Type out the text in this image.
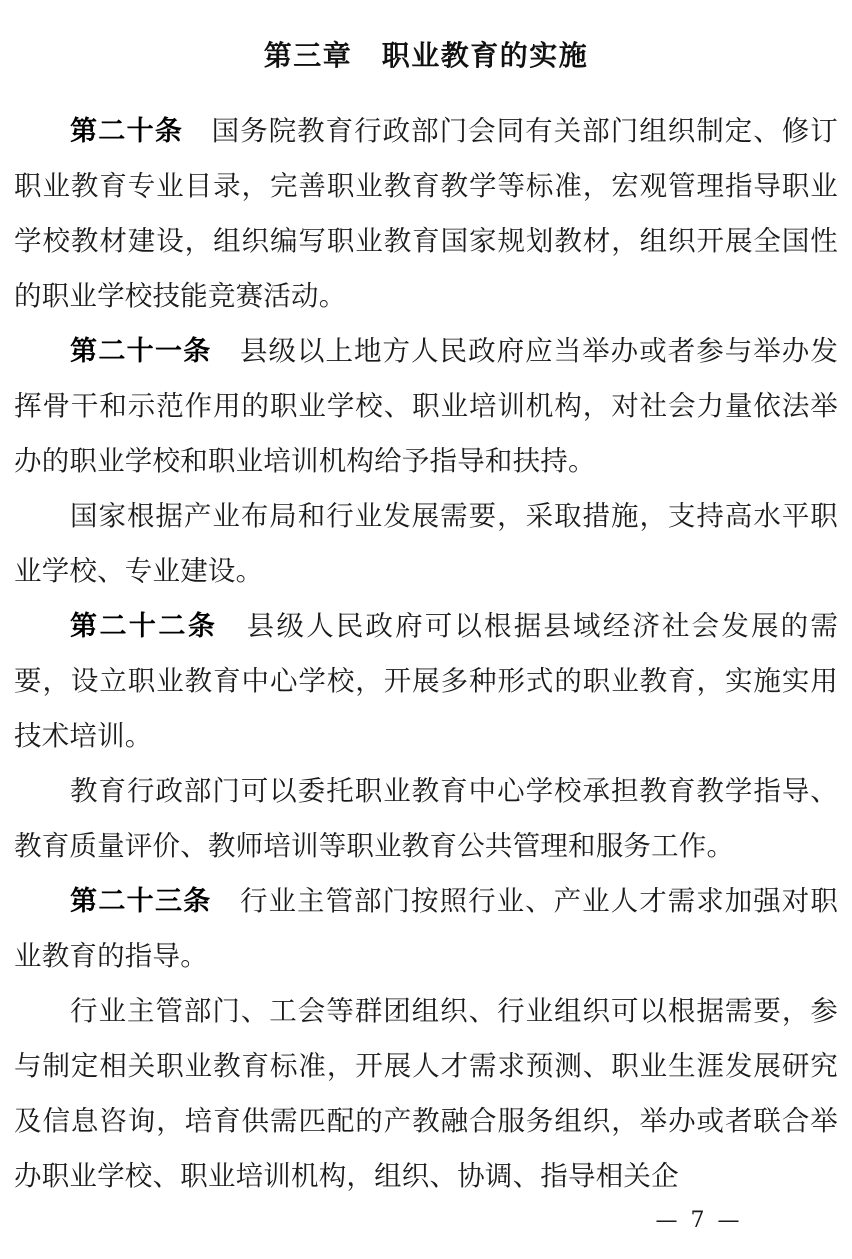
第三章　职业教育的实施

第二十条　 国务院教育行政部门会同有关部门组织制定、修订职业教育专业目录，完善职业教育教学等标准，宏观管理指导职业学校教材建设，组织编写职业教育国家规划教材，组织开展全国性的职业学校技能竞赛活动。

第二十一条　 县级以上地方人民政府应当举办或者参与举办发挥骨干和示范作用的职业学校、职业培训机构，对社会力量依法举办的职业学校和职业培训机构给予指导和扶持。

国家根据产业布局和行业发展需要，采取措施，支持高水平职业学校、专业建设。

第二十二条　 县级人民政府可以根据县域经济社会发展的需要，设立职业教育中心学校，开展多种形式的职业教育，实施实用技术培训。

教育行政部门可以委托职业教育中心学校承担教育教学指导、教育质量评价、教师培训等职业教育公共管理和服务工作。

第二十三条　 行业主管部门按照行业、产业人才需求加强对职业教育的指导。

行业主管部门、工会等群团组织、行业组织可以根据需要，参与制定相关职业教育标准，开展人才需求预测、职业生涯发展研究及信息咨询，培育供需匹配的产教融合服务组织，举办或者联合举办职业学校、职业培训机构，组织、协调、指导相关企

— 7 —
